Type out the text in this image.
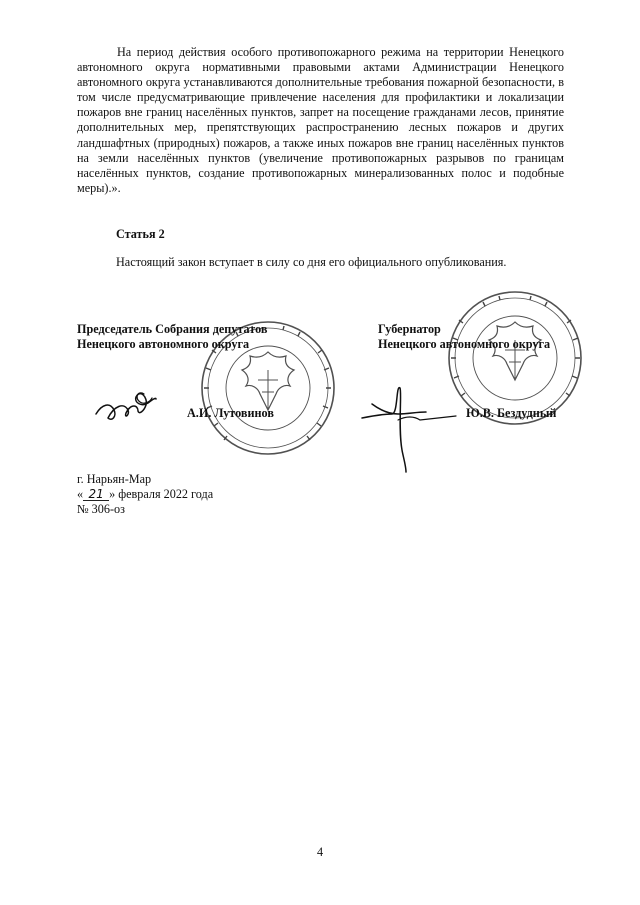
На период действия особого противопожарного режима на территории Ненецкого автономного округа нормативными правовыми актами Администрации Ненецкого автономного округа устанавливаются дополнительные требования пожарной безопасности, в том числе предусматривающие привлечение населения для профилактики и локализации пожаров вне границ населённых пунктов, запрет на посещение гражданами лесов, принятие дополнительных мер, препятствующих распространению лесных пожаров и других ландшафтных (природных) пожаров, а также иных пожаров вне границ населённых пунктов на земли населённых пунктов (увеличение противопожарных разрывов по границам населённых пунктов, создание противопожарных минерализованных полос и подобные меры).».

Статья 2

Настоящий закон вступает в силу со дня его официального опубликования.

Председатель Собрания депутатов
Ненецкого автономного округа
Губернатор
Ненецкого автономного округа
А.И. Лутовинов	Ю.В. Бездудный
г. Нарьян-Мар
« 21 » февраля 2022 года
№ 306-оз
4
